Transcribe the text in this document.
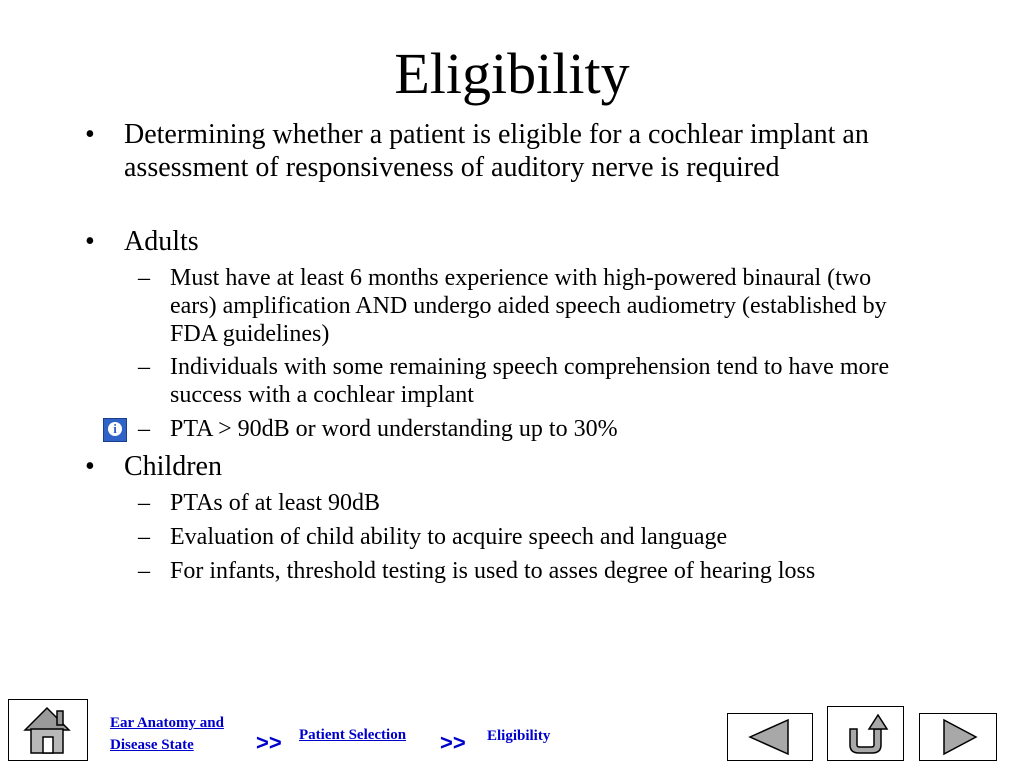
Eligibility
• Determining whether a patient is eligible for a cochlear implant an assessment of responsiveness of auditory nerve is required
• Adults
– Must have at least 6 months experience with high-powered binaural (two ears) amplification AND undergo aided speech audiometry (established by FDA guidelines)
– Individuals with some remaining speech comprehension tend to have more success with a cochlear implant
i – PTA > 90dB or word understanding up to 30%
• Children
– PTAs of at least 90dB
– Evaluation of child ability to acquire speech and language
– For infants, threshold testing is used to asses degree of hearing loss
Ear Anatomy and Disease State	>> Patient Selection >> Eligibility
